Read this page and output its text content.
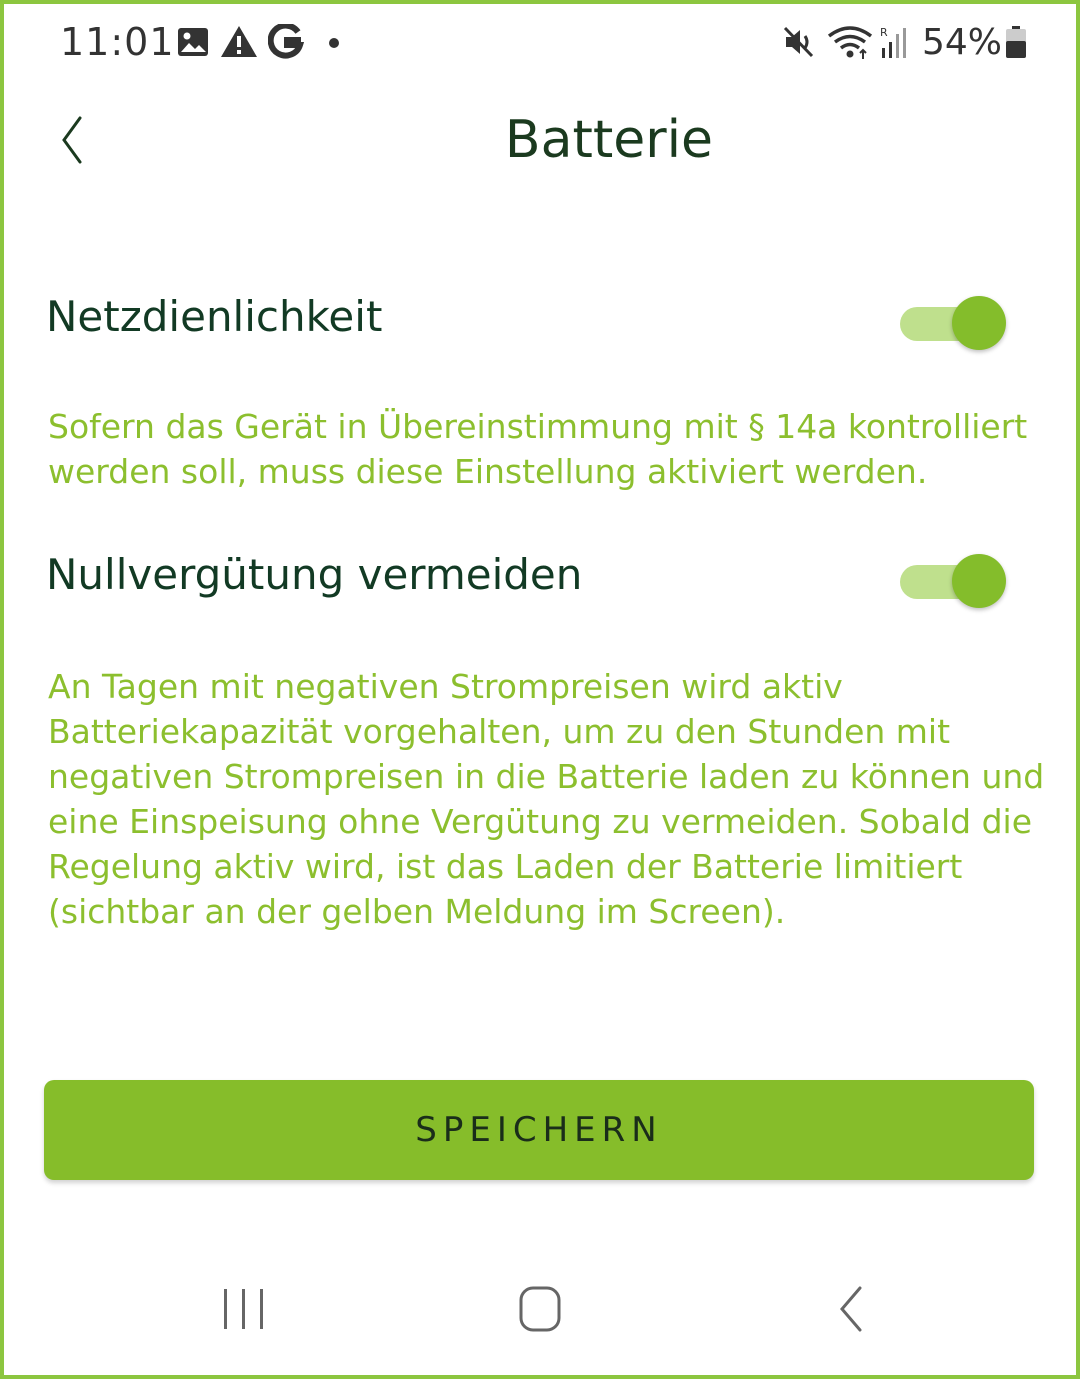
11:01	R 54%
Batterie
Netzdienlichkeit
Sofern das Gerät in Übereinstimmung mit § 14a kontrolliert werden soll, muss diese Einstellung aktiviert werden.
Nullvergütung vermeiden
An Tagen mit negativen Strompreisen wird aktiv Batteriekapazität vorgehalten, um zu den Stunden mit negativen Strompreisen in die Batterie laden zu können und eine Einspeisung ohne Vergütung zu vermeiden. Sobald die Regelung aktiv wird, ist das Laden der Batterie limitiert (sichtbar an der gelben Meldung im Screen).
SPEICHERN
